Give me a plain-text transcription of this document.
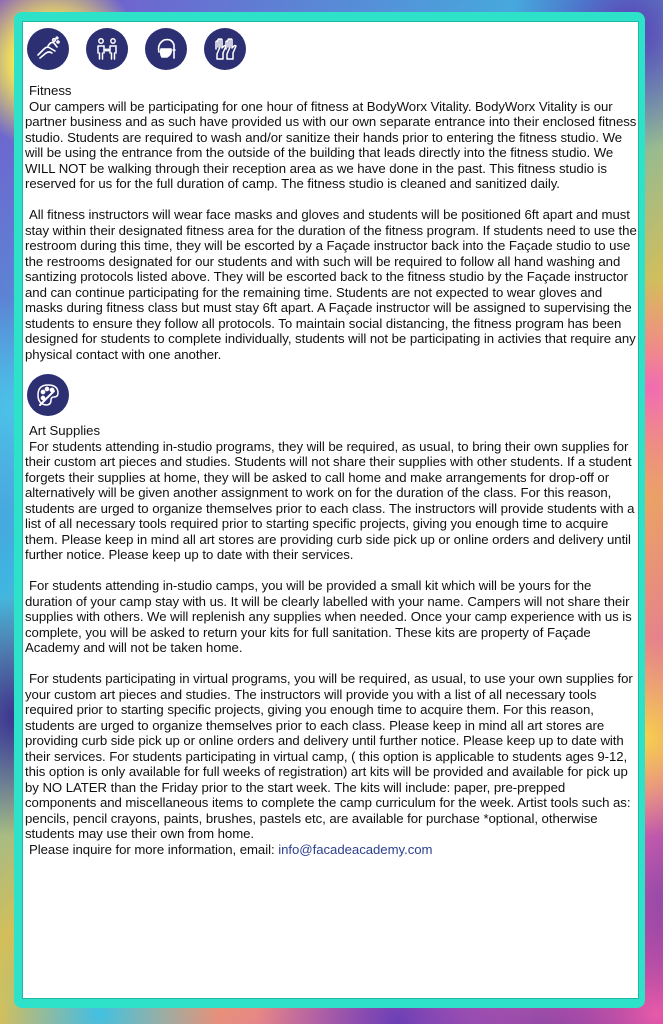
Fitness

Our campers will be participating for one hour of fitness at BodyWorx Vitality. BodyWorx Vitality is our partner business and as such have provided us with our own separate entrance into their enclosed fitness studio. Students are required to wash and/or sanitize their hands prior to entering the fitness studio. We will be using the entrance from the outside of the building that leads directly into the fitness studio. We WILL NOT be walking through their reception area as we have done in the past. This fitness studio is reserved for us for the full duration of camp. The fitness studio is cleaned and sanitized daily.

All fitness instructors will wear face masks and gloves and students will be positioned 6ft apart and must stay within their designated fitness area for the duration of the fitness program. If students need to use the restroom during this time, they will be escorted by a Façade instructor back into the Façade studio to use the restrooms designated for our students and with such will be required to follow all hand washing and santizing protocols listed above. They will be escorted back to the fitness studio by the Façade instructor and can continue participating for the remaining time. Students are not expected to wear gloves and masks during fitness class but must stay 6ft apart. A Façade instructor will be assigned to supervising the students to ensure they follow all protocols. To maintain social distancing, the fitness program has been designed for students to complete individually, students will not be participating in activies that require any physical contact with one another.

Art Supplies

For students attending in-studio programs, they will be required, as usual, to bring their own supplies for their custom art pieces and studies. Students will not share their supplies with other students. If a student forgets their supplies at home, they will be asked to call home and make arrangements for drop-off or alternatively will be given another assignment to work on for the duration of the class. For this reason, students are urged to organize themselves prior to each class. The instructors will provide students with a list of all necessary tools required prior to starting specific projects, giving you enough time to acquire them. Please keep in mind all art stores are providing curb side pick up or online orders and delivery until further notice. Please keep up to date with their services.

For students attending in-studio camps, you will be provided a small kit which will be yours for the duration of your camp stay with us. It will be clearly labelled with your name. Campers will not share their supplies with others. We will replenish any supplies when needed. Once your camp experience with us is complete, you will be asked to return your kits for full sanitation. These kits are property of Façade Academy and will not be taken home.

For students participating in virtual programs, you will be required, as usual, to use your own supplies for your custom art pieces and studies. The instructors will provide you with a list of all necessary tools required prior to starting specific projects, giving you enough time to acquire them. For this reason, students are urged to organize themselves prior to each class. Please keep in mind all art stores are providing curb side pick up or online orders and delivery until further notice. Please keep up to date with their services. For students participating in virtual camp, ( this option is applicable to students ages 9-12, this option is only available for full weeks of registration) art kits will be provided and available for pick up by NO LATER than the Friday prior to the start week. The kits will include: paper, pre-prepped components and miscellaneous items to complete the camp curriculum for the week. Artist tools such as: pencils, pencil crayons, paints, brushes, pastels etc, are available for purchase *optional, otherwise students may use their own from home.

Please inquire for more information, email: info@facadeacademy.com
